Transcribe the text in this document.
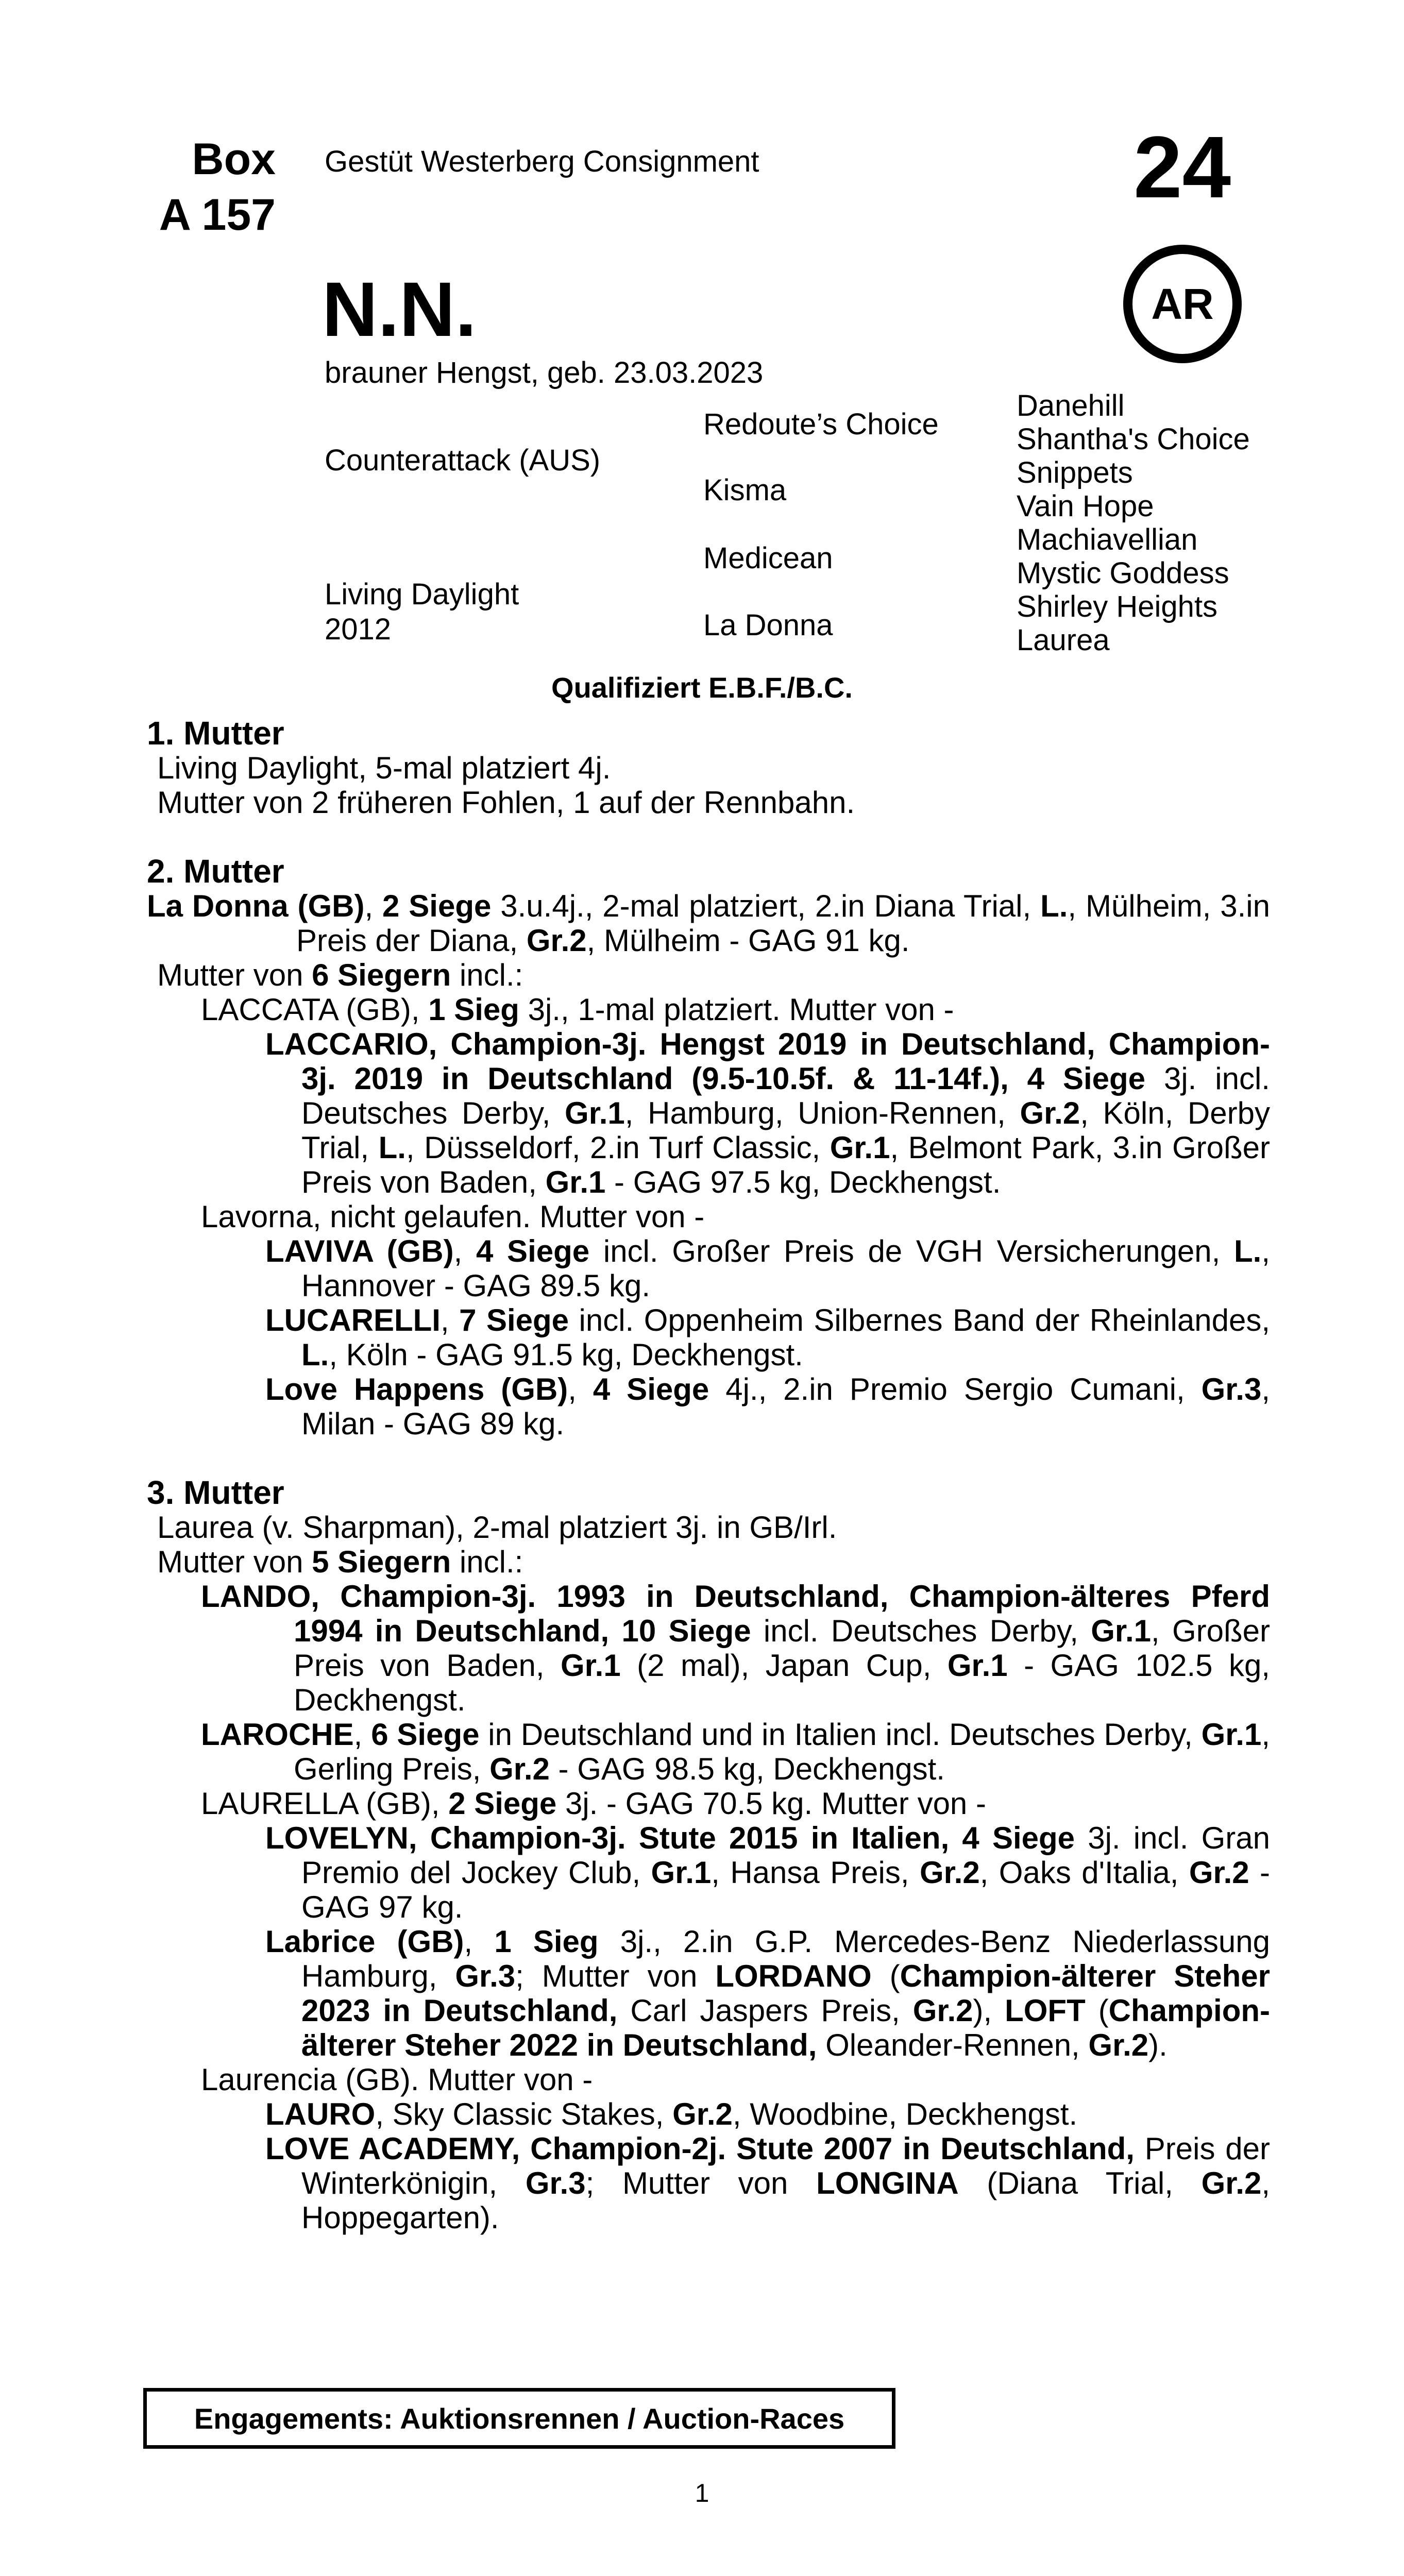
Box
A 157
Gestüt Westerberg Consignment	24
AR
N.N.
brauner Hengst, geb. 23.03.2023
Counterattack (AUS)
Living Daylight
2012
Redoute’s Choice
Kisma
Medicean
La Donna
Danehill
Shantha's Choice
Snippets
Vain Hope
Machiavellian
Mystic Goddess
Shirley Heights
Laurea
Qualifiziert E.B.F./B.C.

1. Mutter

Living Daylight, 5-mal platziert 4j.

Mutter von 2 früheren Fohlen, 1 auf der Rennbahn.

2. Mutter

La Donna (GB), 2 Siege 3.u.4j., 2-mal platziert, 2.in Diana Trial, L., Mülheim, 3.in Preis der Diana, Gr.2, Mülheim - GAG 91 kg.

Mutter von 6 Siegern incl.:

LACCATA (GB), 1 Sieg 3j., 1-mal platziert. Mutter von -

LACCARIO, Champion-3j. Hengst 2019 in Deutschland, Champion-3j. 2019 in Deutschland (9.5-10.5f. & 11-14f.), 4 Siege 3j. incl. Deutsches Derby, Gr.1, Hamburg, Union-Rennen, Gr.2, Köln, Derby Trial, L., Düsseldorf, 2.in Turf Classic, Gr.1, Belmont Park, 3.in Großer Preis von Baden, Gr.1 - GAG 97.5 kg, Deckhengst.

Lavorna, nicht gelaufen. Mutter von -

LAVIVA (GB), 4 Siege incl. Großer Preis de VGH Versicherungen, L., Hannover - GAG 89.5 kg.

LUCARELLI, 7 Siege incl. Oppenheim Silbernes Band der Rheinlandes, L., Köln - GAG 91.5 kg, Deckhengst.

Love Happens (GB), 4 Siege 4j., 2.in Premio Sergio Cumani, Gr.3, Milan - GAG 89 kg.

3. Mutter

Laurea (v. Sharpman), 2-mal platziert 3j. in GB/Irl.

Mutter von 5 Siegern incl.:

LANDO, Champion-3j. 1993 in Deutschland, Champion-älteres Pferd 1994 in Deutschland, 10 Siege incl. Deutsches Derby, Gr.1, Großer Preis von Baden, Gr.1 (2 mal), Japan Cup, Gr.1 - GAG 102.5 kg, Deckhengst.

LAROCHE, 6 Siege in Deutschland und in Italien incl. Deutsches Derby, Gr.1, Gerling Preis, Gr.2 - GAG 98.5 kg, Deckhengst.

LAURELLA (GB), 2 Siege 3j. - GAG 70.5 kg. Mutter von -

LOVELYN, Champion-3j. Stute 2015 in Italien, 4 Siege 3j. incl. Gran Premio del Jockey Club, Gr.1, Hansa Preis, Gr.2, Oaks d'Italia, Gr.2 - GAG 97 kg.

Labrice (GB), 1 Sieg 3j., 2.in G.P. Mercedes-Benz Niederlassung Hamburg, Gr.3; Mutter von LORDANO (Champion-älterer Steher 2023 in Deutschland, Carl Jaspers Preis, Gr.2), LOFT (Champion-älterer Steher 2022 in Deutschland, Oleander-Rennen, Gr.2).

Laurencia (GB). Mutter von -

LAURO, Sky Classic Stakes, Gr.2, Woodbine, Deckhengst.

LOVE ACADEMY, Champion-2j. Stute 2007 in Deutschland, Preis der Winterkönigin, Gr.3; Mutter von LONGINA (Diana Trial, Gr.2, Hoppegarten).

Engagements: Auktionsrennen / Auction-Races
1
